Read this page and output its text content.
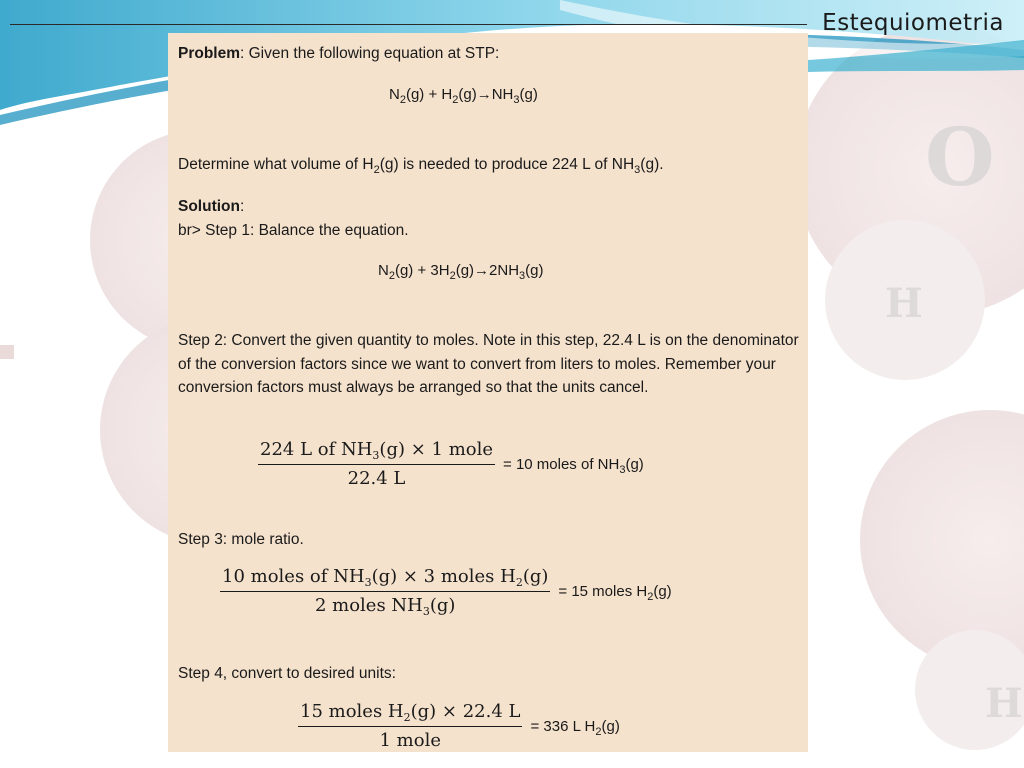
O
H
H
Estequiometria
Problem: Given the following equation at STP:
$N_2(g) + H_2(g)\to NH_3(g)$
Determine what volume of $H_2(g)$ is needed to produce 224 L of $NH_3(g)$.
Solution:
br> Step 1: Balance the equation.
$N_2(g) + 3H_2(g)\to 2NH_3(g)$
Step 2: Convert the given quantity to moles. Note in this step, 22.4 L is on the denominator of the conversion factors since we want to convert from liters to moles. Remember your conversion factors must always be arranged so that the units cancel.
$\frac{224 L of NH_3(g) \times 1 mole}{22.4 L} = 10$ moles of $NH_3(g)$
Step 3: mole ratio.
$\frac{10 moles of NH_3(g) \times 3 moles H_2(g)}{2 moles NH_3(g)} = 15$ moles $H_2(g)$
Step 4, convert to desired units:
$\frac{15 moles H_2(g) \times 22.4 L}{\text{1 mole}} = 336$ L $H_2(g)$
